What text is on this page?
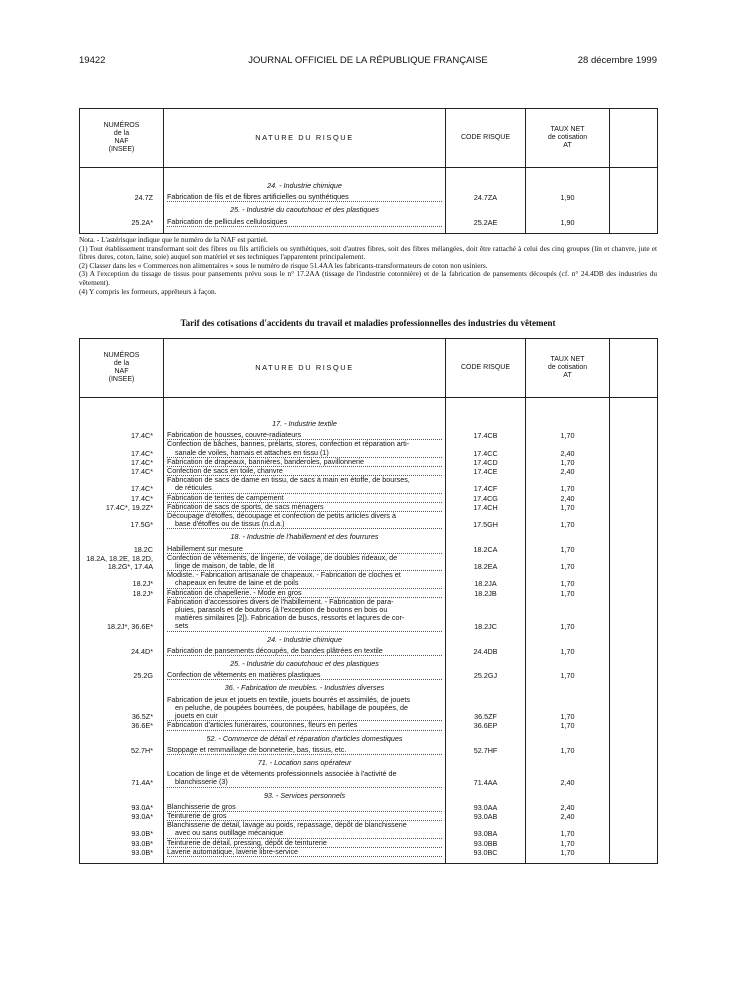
19422	JOURNAL OFFICIEL DE LA RÉPUBLIQUE FRANÇAISE	28 décembre 1999
NUMÉROS
de la
NAF
(INSEE)	NATURE DU RISQUE	CODE RISQUE	TAUX NET
de cotisation
AT	

	24. - Industrie chimique			
24.7Z	Fabrication de fils et de fibres artificielles ou synthétiques	24.7ZA	1,90	
	25. - Industrie du caoutchouc et des plastiques			
25.2A*	Fabrication de pellicules cellulosiques	25.2AE	1,90	

Nota. - L'astérisque indique que le numéro de la NAF est partiel.

(1) Tout établissement transformant soit des fibres ou fils artificiels ou synthétiques, soit d'autres fibres, soit des fibres mélangées, doit être rattaché à celui des cinq groupes (lin et chanvre, jute et fibres dures, coton, laine, soie) auquel son matériel et ses techniques l'apparentent principalement.

(2) Classer dans les « Commerces non alimentaires » sous le numéro de risque 51.4AA les fabricants-transformateurs de coton non usiniers.

(3) A l'exception du tissage de tissus pour pansements prévu sous le n° 17.2AA (tissage de l'industrie cotonnière) et de la fabrication de pansements découpés (cf. n° 24.4DB des industries du vêtement).

(4) Y compris les formeurs, apprêteurs à façon.

Tarif des cotisations d'accidents du travail et maladies professionnelles des industries du vêtement
NUMÉROS
de la
NAF
(INSEE)	NATURE DU RISQUE	CODE RISQUE	TAUX NET
de cotisation
AT	

	17. - Industrie textile			
17.4C*	Fabrication de housses, couvre-radiateurs	17.4CB	1,70	
17.4C*	Confection de bâches, bannes, prélarts, stores, confection et réparation arti-
sanale de voiles, harnais et attaches en tissu (1)	17.4CC	2,40	
17.4C*	Fabrication de drapeaux, bannières, banderoles, pavillonnerie	17.4CD	1,70	
17.4C*	Confection de sacs en toile, chanvre	17.4CE	2,40	
17.4C*	Fabrication de sacs de dame en tissu, de sacs à main en étoffe, de bourses,
de réticules	17.4CF	1,70	
17.4C*	Fabrication de tentes de campement	17.4CG	2,40	
17.4C*, 19.2Z*	Fabrication de sacs de sports, de sacs ménagers	17.4CH	1,70	
17.5G*	Découpage d'étoffes, découpage et confection de petits articles divers à
base d'étoffes ou de tissus (n.d.a.)	17.5GH	1,70	
	18. - Industrie de l'habillement et des fourrures			
18.2C	Habillement sur mesure	18.2CA	1,70	
18.2A, 18.2E, 18.2D,
18.2G*, 17.4A	Confection de vêtements, de lingerie, de voilage, de doubles rideaux, de
linge de maison, de table, de lit	18.2EA	1,70	
18.2J*	Modiste. - Fabrication artisanale de chapeaux. - Fabrication de cloches et
chapeaux en feutre de laine et de poils	18.2JA	1,70	
18.2J*	Fabrication de chapellerie. - Mode en gros	18.2JB	1,70	
18.2J*, 36.6E*	Fabrication d'accessoires divers de l'habillement. - Fabrication de para-
pluies, parasols et de boutons (à l'exception de boutons en bois ou
matières similaires [2]). Fabrication de buscs, ressorts et laçures de cor-
sets	18.2JC	1,70	
	24. - Industrie chimique			
24.4D*	Fabrication de pansements découpés, de bandes plâtrées en textile	24.4DB	1,70	
	25. - Industrie du caoutchouc et des plastiques			
25.2G	Confection de vêtements en matières plastiques	25.2GJ	1,70	
	36. - Fabrication de meubles. - Industries diverses			
36.5Z*	Fabrication de jeux et jouets en textile, jouets bourrés et assimilés, de jouets
en peluche, de poupées bourrées, de poupées, habillage de poupées, de
jouets en cuir	36.5ZF	1,70	
36.6E*	Fabrication d'articles funéraires, couronnes, fleurs en perles	36.6EP	1,70	
	52. - Commerce de détail et réparation d'articles domestiques			
52.7H*	Stoppage et remmaillage de bonneterie, bas, tissus, etc.	52.7HF	1,70	
	71. - Location sans opérateur			
71.4A*	Location de linge et de vêtements professionnels associée à l'activité de
blanchisserie (3)	71.4AA	2,40	
	93. - Services personnels			
93.0A*	Blanchisserie de gros	93.0AA	2,40	
93.0A*	Teinturerie de gros	93.0AB	2,40	
93.0B*	Blanchisserie de détail, lavage au poids, repassage, dépôt de blanchisserie
avec ou sans outillage mécanique	93.0BA	1,70	
93.0B*	Teinturerie de détail, pressing, dépôt de teinturerie	93.0BB	1,70	
93.0B*	Laverie automatique, laverie libre-service	93.0BC	1,70	
